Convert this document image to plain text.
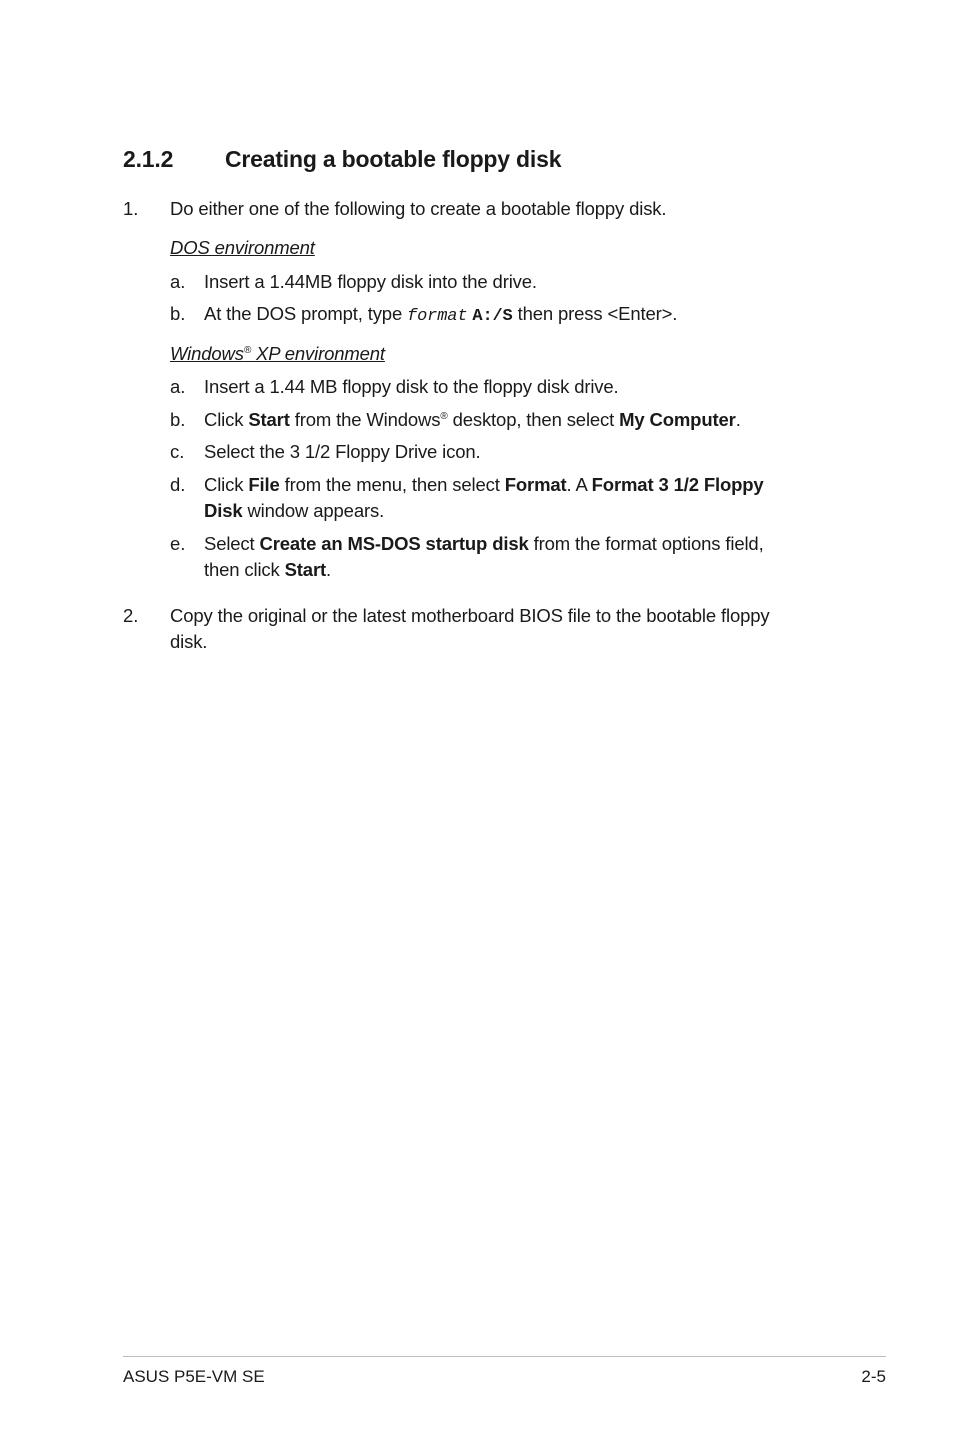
2.1.2 Creating a bootable floppy disk
1. Do either one of the following to create a bootable floppy disk.
DOS environment
a. Insert a 1.44MB floppy disk into the drive.
b. At the DOS prompt, type format A:/S then press <Enter>.
Windows® XP environment
a. Insert a 1.44 MB floppy disk to the floppy disk drive.
b. Click Start from the Windows® desktop, then select My Computer.
c. Select the 3 1/2 Floppy Drive icon.
d. Click File from the menu, then select Format. A Format 3 1/2 Floppy
Disk window appears.
e. Select Create an MS-DOS startup disk from the format options field,
then click Start.
2. Copy the original or the latest motherboard BIOS file to the bootable floppy
disk.
ASUS P5E-VM SE	2-5
